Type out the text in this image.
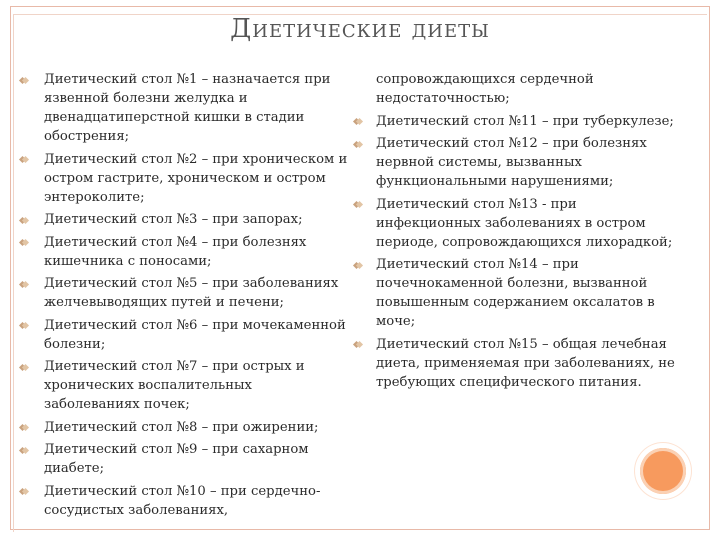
Диетические диеты
Диетический стол №1 – назначается при
язвенной болезни желудка и
двенадцатиперстной кишки в стадии
обострения;
Диетический стол №2 – при хроническом и
остром гастрите, хроническом и остром
энтероколите;
Диетический стол №3 – при запорах;
Диетический стол №4 – при болезнях
кишечника с поносами;
Диетический стол №5 – при заболеваниях
желчевыводящих путей и печени;
Диетический стол №6 – при мочекаменной
болезни;
Диетический стол №7 – при острых и
хронических воспалительных
заболеваниях почек;
Диетический стол №8 – при ожирении;
Диетический стол №9 – при сахарном
диабете;
Диетический стол №10 – при сердечно-
сосудистых заболеваниях,
сопровождающихся сердечной
недостаточностью;
Диетический стол №11 – при туберкулезе;
Диетический стол №12 – при болезнях
нервной системы, вызванных
функциональными нарушениями;
Диетический стол №13 - при
инфекционных заболеваниях в остром
периоде, сопровождающихся лихорадкой;
Диетический стол №14 – при
почечнокаменной болезни, вызванной
повышенным содержанием оксалатов в
моче;
Диетический стол №15 – общая лечебная
диета, применяемая при заболеваниях, не
требующих специфического питания.
